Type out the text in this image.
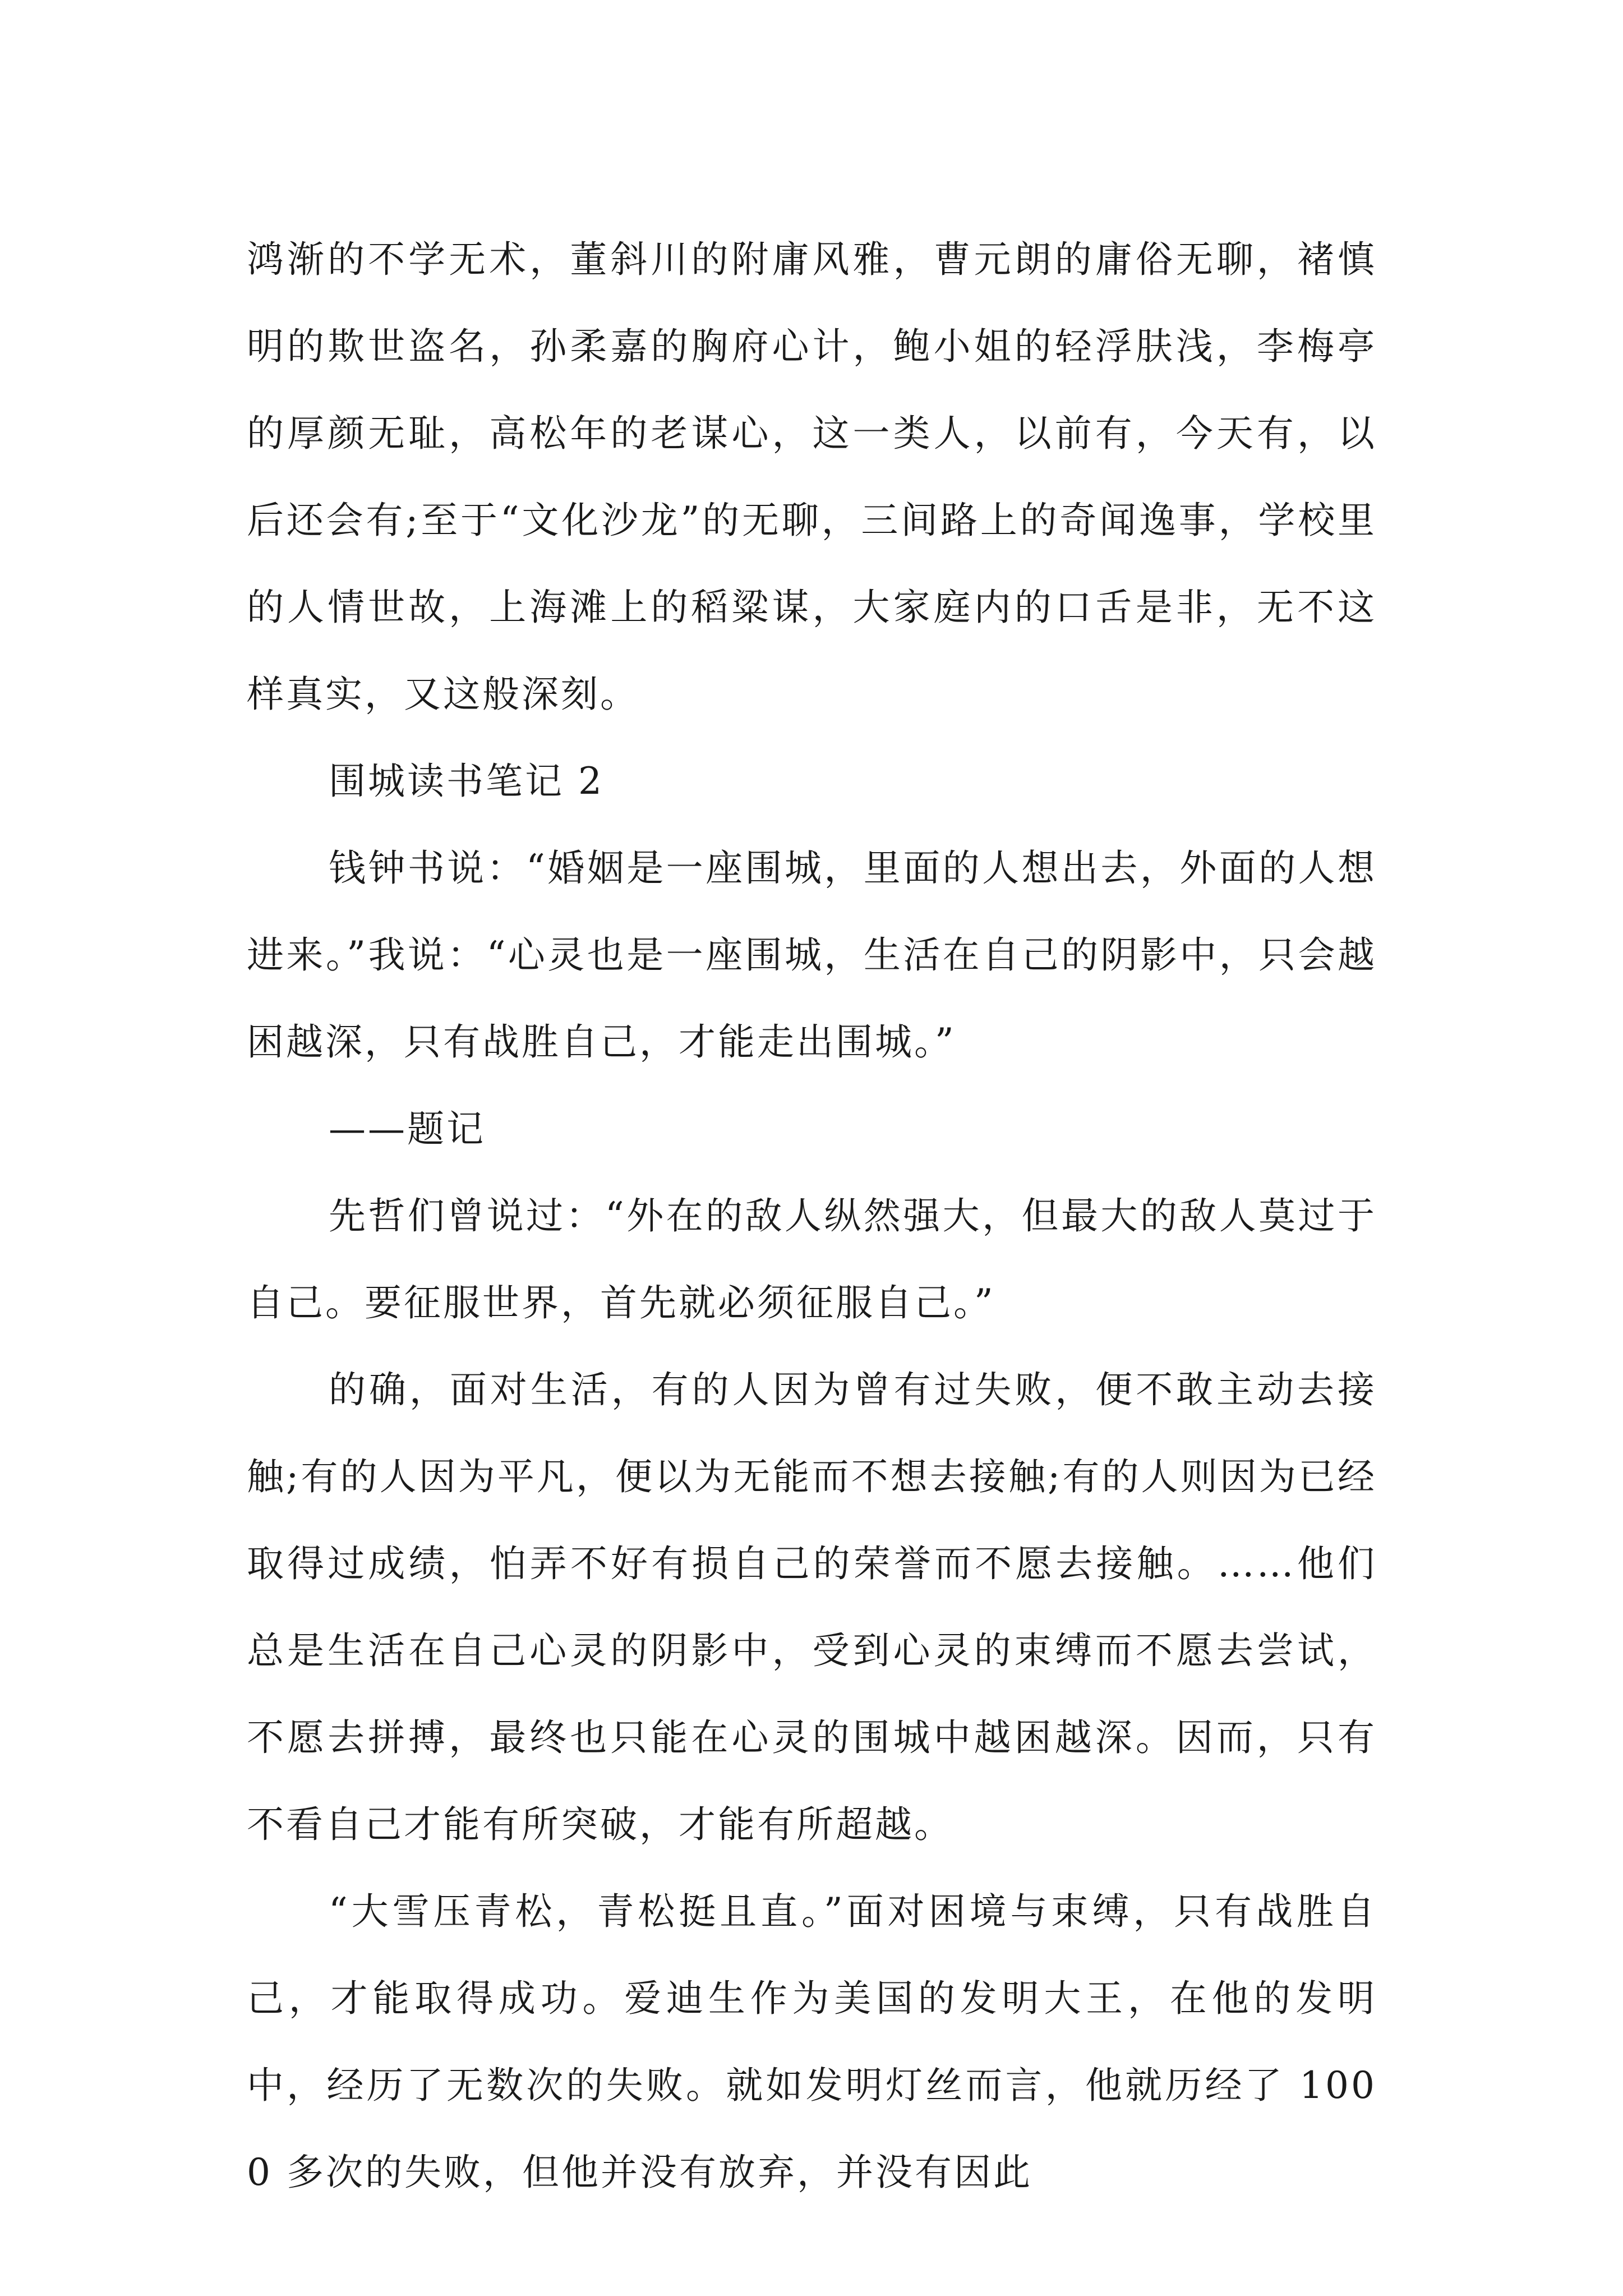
鸿渐的不学无术，董斜川的附庸风雅，曹元朗的庸俗无聊，褚慎明的欺世盗名，孙柔嘉的胸府心计，鲍小姐的轻浮肤浅，李梅亭的厚颜无耻，高松年的老谋心，这一类人，以前有，今天有，以后还会有;至于“文化沙龙”的无聊，三间路上的奇闻逸事，学校里的人情世故，上海滩上的稻粱谋，大家庭内的口舌是非，无不这样真实，又这般深刻。

围城读书笔记 2

钱钟书说：“婚姻是一座围城，里面的人想出去，外面的人想进来。”我说：“心灵也是一座围城，生活在自己的阴影中，只会越困越深，只有战胜自己，才能走出围城。”

——题记

先哲们曾说过：“外在的敌人纵然强大，但最大的敌人莫过于自己。要征服世界，首先就必须征服自己。”

的确，面对生活，有的人因为曾有过失败，便不敢主动去接触;有的人因为平凡，便以为无能而不想去接触;有的人则因为已经取得过成绩，怕弄不好有损自己的荣誉而不愿去接触。……他们总是生活在自己心灵的阴影中，受到心灵的束缚而不愿去尝试，不愿去拼搏，最终也只能在心灵的围城中越困越深。因而，只有不看自己才能有所突破，才能有所超越。

“大雪压青松，青松挺且直。”面对困境与束缚，只有战胜自己，才能取得成功。爱迪生作为美国的发明大王，在他的发明中，经历了无数次的失败。就如发明灯丝而言，他就历经了 1000 多次的失败，但他并没有放弃，并没有因此
